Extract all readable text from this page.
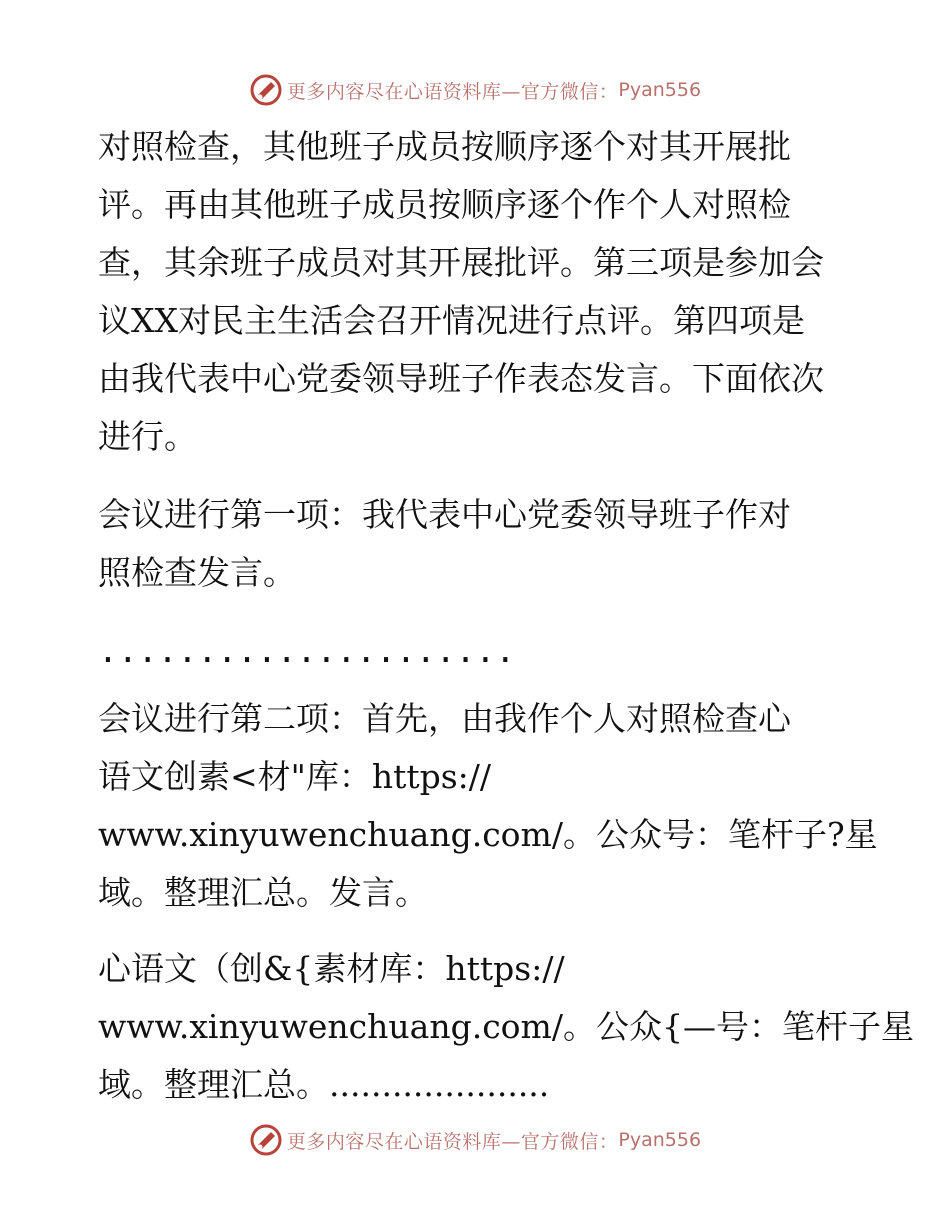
更多内容尽在心语资料库—官方微信： Pyan556

对照检查，其他班子成员按顺序逐个对其开展批
评。再由其他班子成员按顺序逐个作个人对照检
查，其余班子成员对其开展批评。第三项是参加会
议XX对民主生活会召开情况进行点评。第四项是
由我代表中心党委领导班子作表态发言。下面依次
进行。

会议进行第一项：我代表中心党委领导班子作对
照检查发言。

.....................

会议进行第二项：首先，由我作个人对照检查心
语文创素<材"库：https://
www.xinyuwenchuang.com/。公众号：笔杆子?星
域。整理汇总。发言。

心语文（创&{素材库：https://
www.xinyuwenchuang.com/。公众{—号：笔杆子星
域。整理汇总。.....................

更多内容尽在心语资料库—官方微信： Pyan556
